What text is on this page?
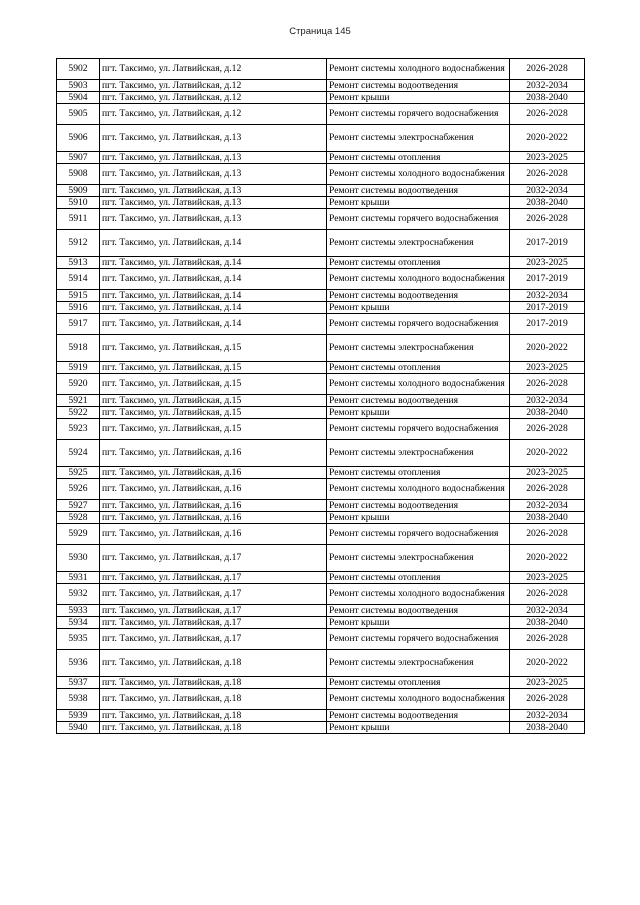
Страница 145
5902	пгт. Таксимо, ул. Латвийская, д.12	Ремонт системы холодного водоснабжения	2026-2028
5903	пгт. Таксимо, ул. Латвийская, д.12	Ремонт системы водоотведения	2032-2034
5904	пгт. Таксимо, ул. Латвийская, д.12	Ремонт крыши	2038-2040
5905	пгт. Таксимо, ул. Латвийская, д.12	Ремонт системы горячего водоснабжения	2026-2028
5906	пгт. Таксимо, ул. Латвийская, д.13	Ремонт системы электроснабжения	2020-2022
5907	пгт. Таксимо, ул. Латвийская, д.13	Ремонт системы отопления	2023-2025
5908	пгт. Таксимо, ул. Латвийская, д.13	Ремонт системы холодного водоснабжения	2026-2028
5909	пгт. Таксимо, ул. Латвийская, д.13	Ремонт системы водоотведения	2032-2034
5910	пгт. Таксимо, ул. Латвийская, д.13	Ремонт крыши	2038-2040
5911	пгт. Таксимо, ул. Латвийская, д.13	Ремонт системы горячего водоснабжения	2026-2028
5912	пгт. Таксимо, ул. Латвийская, д.14	Ремонт системы электроснабжения	2017-2019
5913	пгт. Таксимо, ул. Латвийская, д.14	Ремонт системы отопления	2023-2025
5914	пгт. Таксимо, ул. Латвийская, д.14	Ремонт системы холодного водоснабжения	2017-2019
5915	пгт. Таксимо, ул. Латвийская, д.14	Ремонт системы водоотведения	2032-2034
5916	пгт. Таксимо, ул. Латвийская, д.14	Ремонт крыши	2017-2019
5917	пгт. Таксимо, ул. Латвийская, д.14	Ремонт системы горячего водоснабжения	2017-2019
5918	пгт. Таксимо, ул. Латвийская, д.15	Ремонт системы электроснабжения	2020-2022
5919	пгт. Таксимо, ул. Латвийская, д.15	Ремонт системы отопления	2023-2025
5920	пгт. Таксимо, ул. Латвийская, д.15	Ремонт системы холодного водоснабжения	2026-2028
5921	пгт. Таксимо, ул. Латвийская, д.15	Ремонт системы водоотведения	2032-2034
5922	пгт. Таксимо, ул. Латвийская, д.15	Ремонт крыши	2038-2040
5923	пгт. Таксимо, ул. Латвийская, д.15	Ремонт системы горячего водоснабжения	2026-2028
5924	пгт. Таксимо, ул. Латвийская, д.16	Ремонт системы электроснабжения	2020-2022
5925	пгт. Таксимо, ул. Латвийская, д.16	Ремонт системы отопления	2023-2025
5926	пгт. Таксимо, ул. Латвийская, д.16	Ремонт системы холодного водоснабжения	2026-2028
5927	пгт. Таксимо, ул. Латвийская, д.16	Ремонт системы водоотведения	2032-2034
5928	пгт. Таксимо, ул. Латвийская, д.16	Ремонт крыши	2038-2040
5929	пгт. Таксимо, ул. Латвийская, д.16	Ремонт системы горячего водоснабжения	2026-2028
5930	пгт. Таксимо, ул. Латвийская, д.17	Ремонт системы электроснабжения	2020-2022
5931	пгт. Таксимо, ул. Латвийская, д.17	Ремонт системы отопления	2023-2025
5932	пгт. Таксимо, ул. Латвийская, д.17	Ремонт системы холодного водоснабжения	2026-2028
5933	пгт. Таксимо, ул. Латвийская, д.17	Ремонт системы водоотведения	2032-2034
5934	пгт. Таксимо, ул. Латвийская, д.17	Ремонт крыши	2038-2040
5935	пгт. Таксимо, ул. Латвийская, д.17	Ремонт системы горячего водоснабжения	2026-2028
5936	пгт. Таксимо, ул. Латвийская, д.18	Ремонт системы электроснабжения	2020-2022
5937	пгт. Таксимо, ул. Латвийская, д.18	Ремонт системы отопления	2023-2025
5938	пгт. Таксимо, ул. Латвийская, д.18	Ремонт системы холодного водоснабжения	2026-2028
5939	пгт. Таксимо, ул. Латвийская, д.18	Ремонт системы водоотведения	2032-2034
5940	пгт. Таксимо, ул. Латвийская, д.18	Ремонт крыши	2038-2040
